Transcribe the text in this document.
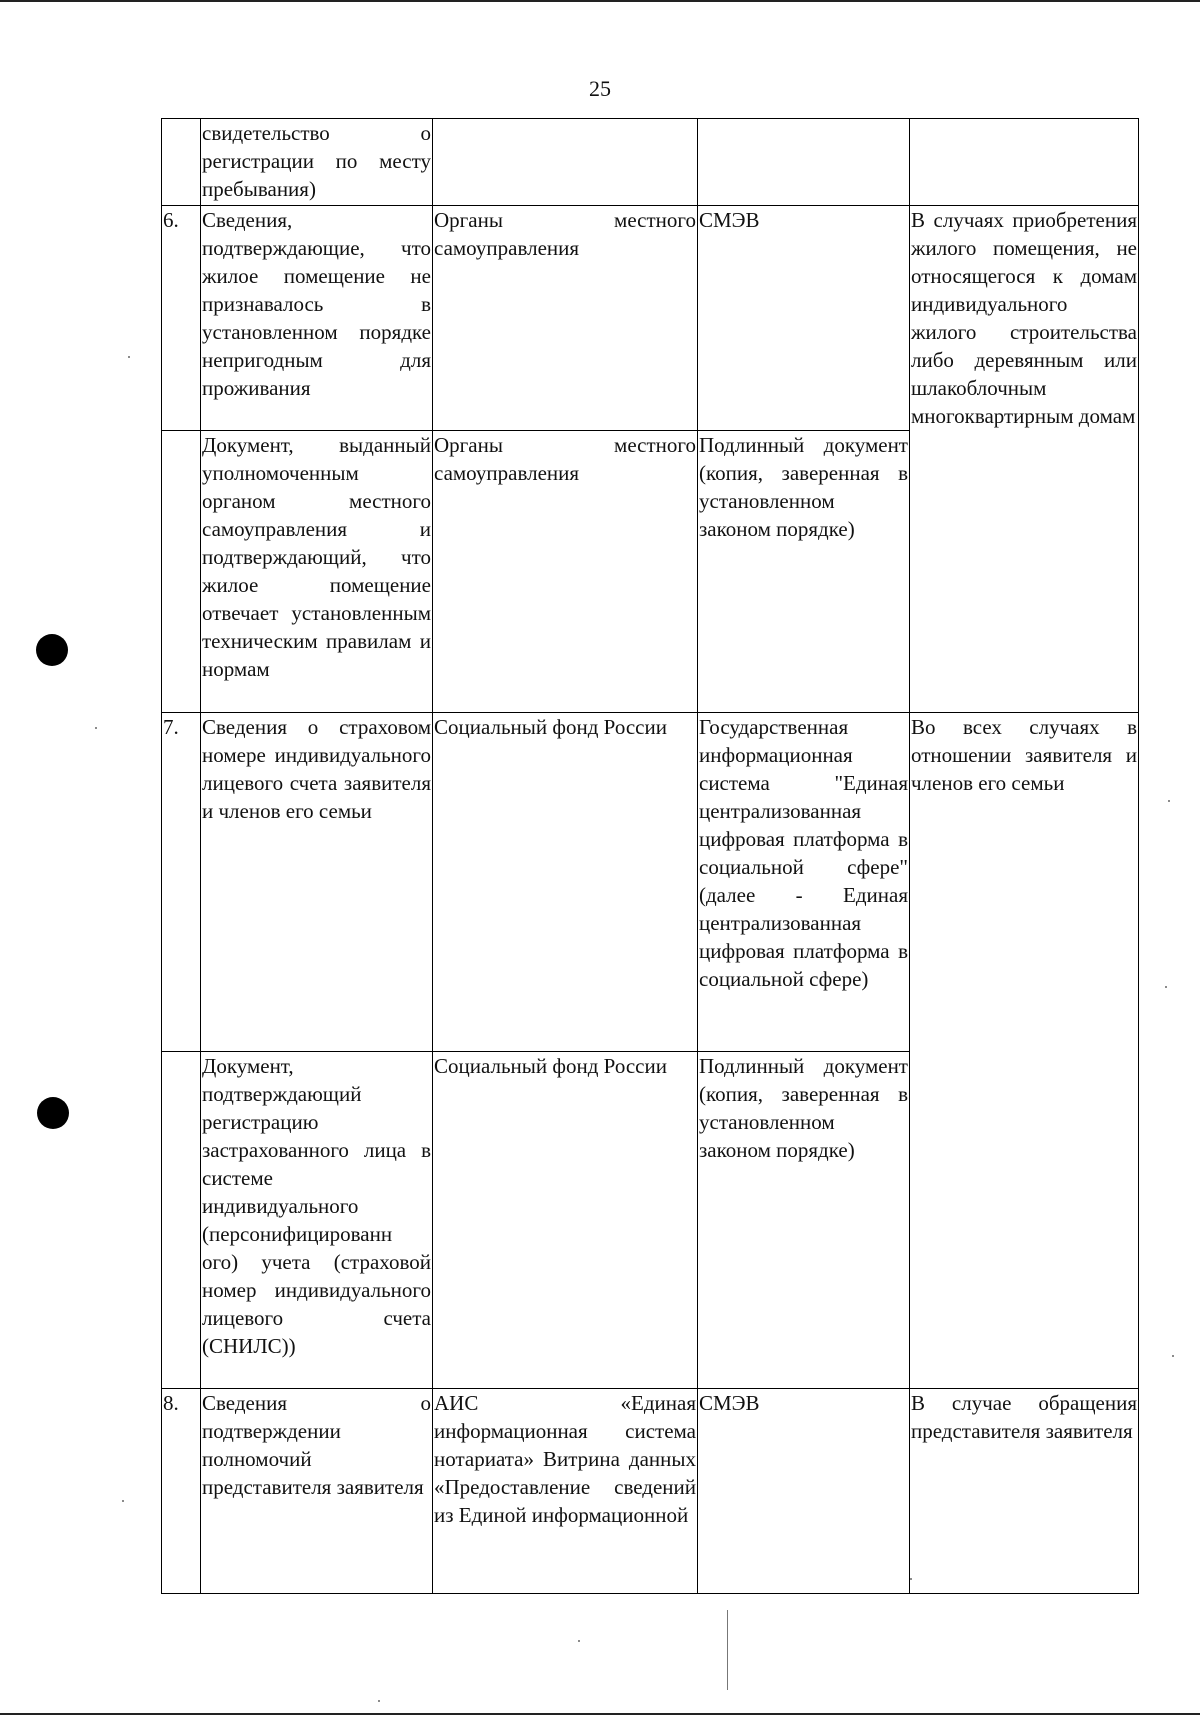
25
	свидетельство о регистрации по месту пребывания)			
6.	Сведения, подтверждающие, что жилое помещение не признавалось в установленном порядке непригодным для проживания	Органы местного самоуправления	СМЭВ	В случаях приобретения жилого помещения, не относящегося к домам индивидуального жилого строительства либо деревянным или шлакоблочным многоквартирным домам
	Документ, выданный уполномоченным органом местного самоуправления и подтверждающий, что жилое помещение отвечает установленным техническим правилам и нормам	Органы местного самоуправления	Подлинный документ (копия, заверенная в установленном законом порядке)	
7.	Сведения о страховом номере индивидуального лицевого счета заявителя и членов его семьи	Социальный фонд России	Государственная информационная система "Единая централизованная цифровая платформа в социальной сфере" (далее - Единая централизованная цифровая платформа в социальной сфере)	Во всех случаях в отношении заявителя и членов его семьи
	Документ, подтверждающий регистрацию застрахованного лица в системе индивидуального (персонифицированн ого) учета (страховой номер индивидуального лицевого счета (СНИЛС))	Социальный фонд России	Подлинный документ (копия, заверенная в установленном законом порядке)	
8.	Сведения о подтверждении полномочий представителя заявителя	АИС «Единая информационная система нотариата» Витрина данных «Предоставление сведений из Единой информационной	СМЭВ	В случае обращения представителя заявителя
